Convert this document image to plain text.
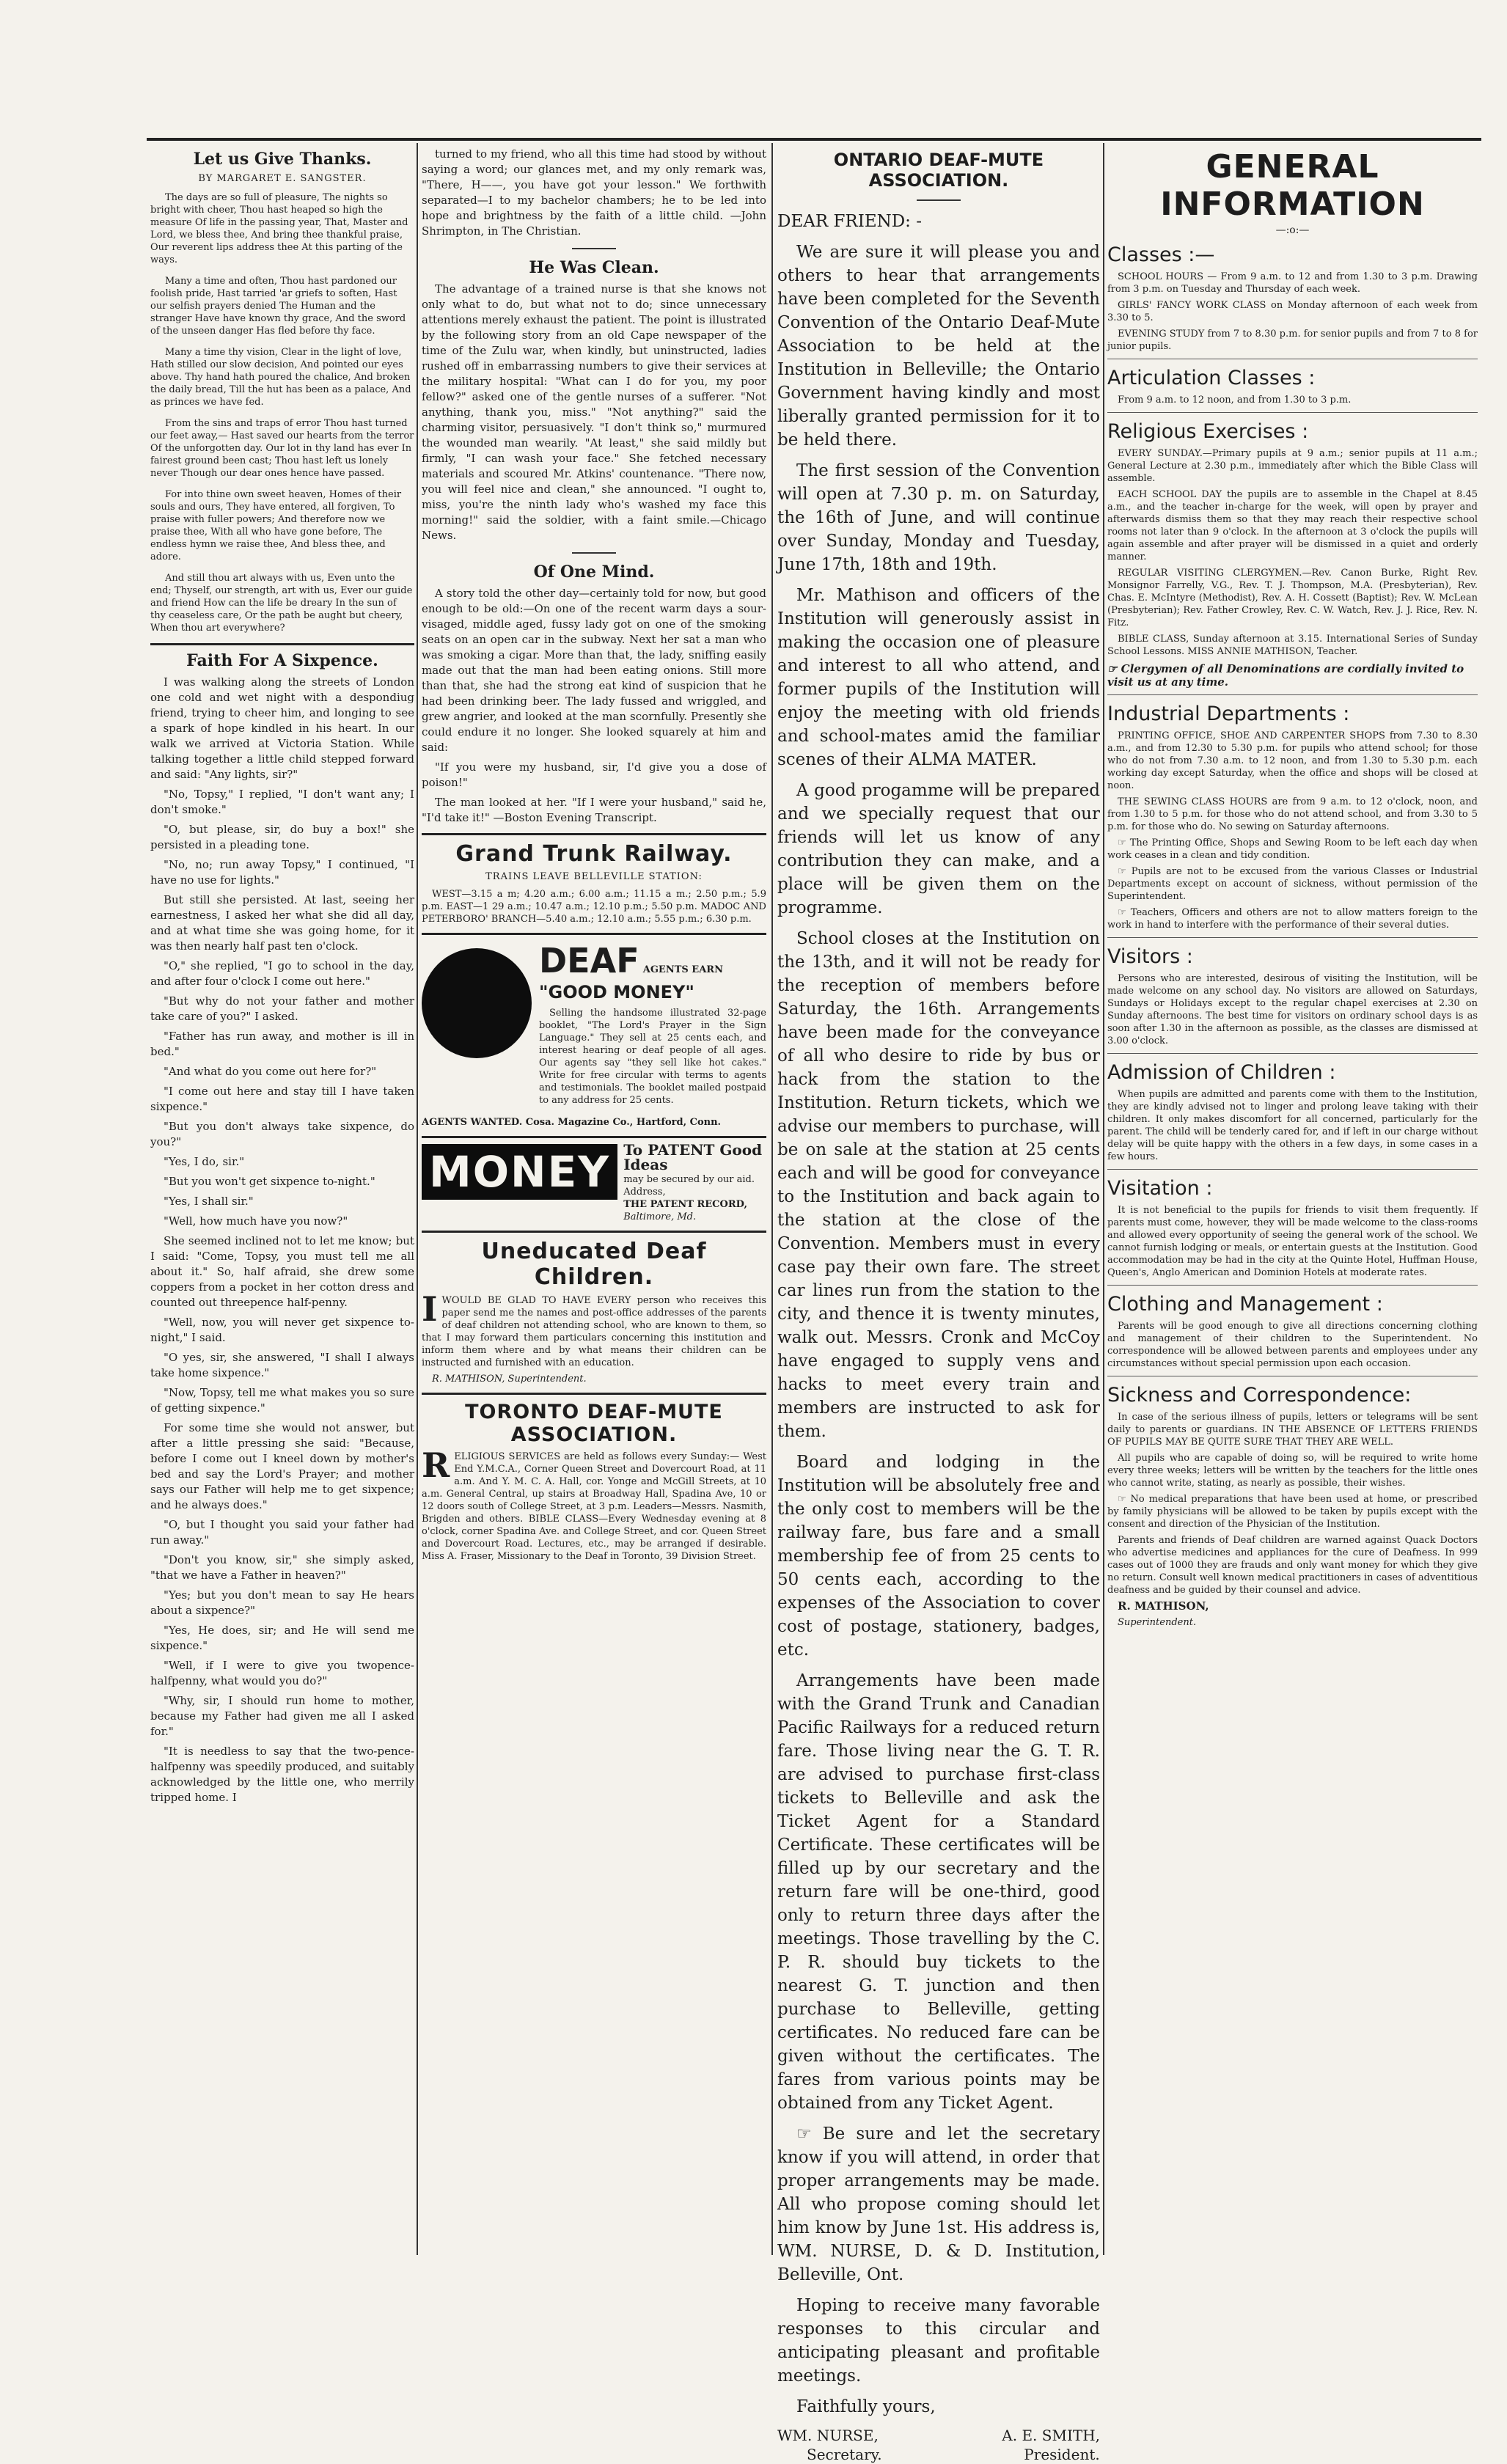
Let us Give Thanks.
BY MARGARET E. SANGSTER.

The days are so full of pleasure, The nights so bright with cheer, Thou hast heaped so high the measure Of life in the passing year, That, Master and Lord, we bless thee, And bring thee thankful praise, Our reverent lips address thee At this parting of the ways.

Many a time and often, Thou hast pardoned our foolish pride, Hast tarried 'ar griefs to soften, Hast our selfish prayers denied The Human and the stranger Have have known thy grace, And the sword of the unseen danger Has fled before thy face.

Many a time thy vision, Clear in the light of love, Hath stilled our slow decision, And pointed our eyes above. Thy hand hath poured the chalice, And broken the daily bread, Till the hut has been as a palace, And as princes we have fed.

From the sins and traps of error Thou hast turned our feet away,— Hast saved our hearts from the terror Of the unforgotten day. Our lot in thy land has ever In fairest ground been cast; Thou hast left us lonely never Though our dear ones hence have passed.

For into thine own sweet heaven, Homes of their souls and ours, They have entered, all forgiven, To praise with fuller powers; And therefore now we praise thee, With all who have gone before, The endless hymn we raise thee, And bless thee, and adore.

And still thou art always with us, Even unto the end; Thyself, our strength, art with us, Ever our guide and friend How can the life be dreary In the sun of thy ceaseless care, Or the path be aught but cheery, When thou art everywhere?

Faith For A Sixpence.

I was walking along the streets of London one cold and wet night with a despondiug friend, trying to cheer him, and longing to see a spark of hope kindled in his heart. In our walk we arrived at Victoria Station. While talking together a little child stepped forward and said: "Any lights, sir?"

"No, Topsy," I replied, "I don't want any; I don't smoke."

"O, but please, sir, do buy a box!" she persisted in a pleading tone.

"No, no; run away Topsy," I continued, "I have no use for lights."

But still she persisted. At last, seeing her earnestness, I asked her what she did all day, and at what time she was going home, for it was then nearly half past ten o'clock.

"O," she replied, "I go to school in the day, and after four o'clock I come out here."

"But why do not your father and mother take care of you?" I asked.

"Father has run away, and mother is ill in bed."

"And what do you come out here for?"

"I come out here and stay till I have taken sixpence."

"But you don't always take sixpence, do you?"

"Yes, I do, sir."

"But you won't get sixpence to-night."

"Yes, I shall sir."

"Well, how much have you now?"

She seemed inclined not to let me know; but I said: "Come, Topsy, you must tell me all about it." So, half afraid, she drew some coppers from a pocket in her cotton dress and counted out threepence half-penny.

"Well, now, you will never get sixpence to-night," I said.

"O yes, sir, she answered, "I shall I always take home sixpence."

"Now, Topsy, tell me what makes you so sure of getting sixpence."

For some time she would not answer, but after a little pressing she said: "Because, before I come out I kneel down by mother's bed and say the Lord's Prayer; and mother says our Father will help me to get sixpence; and he always does."

"O, but I thought you said your father had run away."

"Don't you know, sir," she simply asked, "that we have a Father in heaven?"

"Yes; but you don't mean to say He hears about a sixpence?"

"Yes, He does, sir; and He will send me sixpence."

"Well, if I were to give you twopence-halfpenny, what would you do?"

"Why, sir, I should run home to mother, because my Father had given me all I asked for."

"It is needless to say that the two-pence-halfpenny was speedily produced, and suitably acknowledged by the little one, who merrily tripped home. I

turned to my friend, who all this time had stood by without saying a word; our glances met, and my only remark was, "There, H——, you have got your lesson." We forthwith separated—I to my bachelor chambers; he to be led into hope and brightness by the faith of a little child. —John Shrimpton, in The Christian.

He Was Clean.

The advantage of a trained nurse is that she knows not only what to do, but what not to do; since unnecessary attentions merely exhaust the patient. The point is illustrated by the following story from an old Cape newspaper of the time of the Zulu war, when kindly, but uninstructed, ladies rushed off in embarrassing numbers to give their services at the military hospital: "What can I do for you, my poor fellow?" asked one of the gentle nurses of a sufferer. "Not anything, thank you, miss." "Not anything?" said the charming visitor, persuasively. "I don't think so," murmured the wounded man wearily. "At least," she said mildly but firmly, "I can wash your face." She fetched necessary materials and scoured Mr. Atkins' countenance. "There now, you will feel nice and clean," she announced. "I ought to, miss, you're the ninth lady who's washed my face this morning!" said the soldier, with a faint smile.—Chicago News.

Of One Mind.

A story told the other day—certainly told for now, but good enough to be old:—On one of the recent warm days a sour-visaged, middle aged, fussy lady got on one of the smoking seats on an open car in the subway. Next her sat a man who was smoking a cigar. More than that, the lady, sniffing easily made out that the man had been eating onions. Still more than that, she had the strong eat kind of suspicion that he had been drinking beer. The lady fussed and wriggled, and grew angrier, and looked at the man scornfully. Presently she could endure it no longer. She looked squarely at him and said:

"If you were my husband, sir, I'd give you a dose of poison!"

The man looked at her. "If I were your husband," said he, "I'd take it!" —Boston Evening Transcript.

Grand Trunk Railway.
TRAINS LEAVE BELLEVILLE STATION:

WEST—3.15 a m; 4.20 a.m.; 6.00 a.m.; 11.15 a m.; 2.50 p.m.; 5.9 p.m. EAST—1 29 a.m.; 10.47 a.m.; 12.10 p.m.; 5.50 p.m. MADOC AND PETERBORO' BRANCH—5.40 a.m.; 12.10 a.m.; 5.55 p.m.; 6.30 p.m.

DEAF AGENTS EARN
"GOOD MONEY"

Selling the handsome illustrated 32-page booklet, "The Lord's Prayer in the Sign Language." They sell at 25 cents each, and interest hearing or deaf people of all ages. Our agents say "they sell like hot cakes." Write for free circular with terms to agents and testimonials. The booklet mailed postpaid to any address for 25 cents.

AGENTS WANTED. Cosa. Magazine Co., Hartford, Conn.

MONEY To PATENT Good Ideas
may be secured by our aid. Address,
THE PATENT RECORD,
Baltimore, Md.
Uneducated Deaf Children.

IWOULD BE GLAD TO HAVE EVERY person who receives this paper send me the names and post-office addresses of the parents of deaf children not attending school, who are known to them, so that I may forward them particulars concerning this institution and inform them where and by what means their children can be instructed and furnished with an education.

R. MATHISON, Superintendent.

TORONTO DEAF-MUTE ASSOCIATION.

RELIGIOUS SERVICES are held as follows every Sunday:— West End Y.M.C.A., Corner Queen Street and Dovercourt Road, at 11 a.m. And Y. M. C. A. Hall, cor. Yonge and McGill Streets, at 10 a.m. General Central, up stairs at Broadway Hall, Spadina Ave, 10 or 12 doors south of College Street, at 3 p.m. Leaders—Messrs. Nasmith, Brigden and others. BIBLE CLASS—Every Wednesday evening at 8 o'clock, corner Spadina Ave. and College Street, and cor. Queen Street and Dovercourt Road. Lectures, etc., may be arranged if desirable. Miss A. Fraser, Missionary to the Deaf in Toronto, 39 Division Street.

ONTARIO DEAF-MUTE ASSOCIATION.

DEAR FRIEND: -

We are sure it will please you and others to hear that arrangements have been completed for the Seventh Convention of the Ontario Deaf-Mute Association to be held at the Institution in Belleville; the Ontario Government having kindly and most liberally granted permission for it to be held there.

The first session of the Convention will open at 7.30 p. m. on Saturday, the 16th of June, and will continue over Sunday, Monday and Tuesday, June 17th, 18th and 19th.

Mr. Mathison and officers of the Institution will generously assist in making the occasion one of pleasure and interest to all who attend, and former pupils of the Institution will enjoy the meeting with old friends and school-mates amid the familiar scenes of their ALMA MATER.

A good progamme will be prepared and we specially request that our friends will let us know of any contribution they can make, and a place will be given them on the programme.

School closes at the Institution on the 13th, and it will not be ready for the reception of members before Saturday, the 16th. Arrangements have been made for the conveyance of all who desire to ride by bus or hack from the station to the Institution. Return tickets, which we advise our members to purchase, will be on sale at the station at 25 cents each and will be good for conveyance to the Institution and back again to the station at the close of the Convention. Members must in every case pay their own fare. The street car lines run from the station to the city, and thence it is twenty minutes, walk out. Messrs. Cronk and McCoy have engaged to supply vens and hacks to meet every train and members are instructed to ask for them.

Board and lodging in the Institution will be absolutely free and the only cost to members will be the railway fare, bus fare and a small membership fee of from 25 cents to 50 cents each, according to the expenses of the Association to cover cost of postage, stationery, badges, etc.

Arrangements have been made with the Grand Trunk and Canadian Pacific Railways for a reduced return fare. Those living near the G. T. R. are advised to purchase first-class tickets to Belleville and ask the Ticket Agent for a Standard Certificate. These certificates will be filled up by our secretary and the return fare will be one-third, good only to return three days after the meetings. Those travelling by the C. P. R. should buy tickets to the nearest G. T. junction and then purchase to Belleville, getting certificates. No reduced fare can be given without the certificates. The fares from various points may be obtained from any Ticket Agent.

☞ Be sure and let the secretary know if you will attend, in order that proper arrangements may be made. All who propose coming should let him know by June 1st. His address is, WM. NURSE, D. & D. Institution, Belleville, Ont.

Hoping to receive many favorable responses to this circular and anticipating pleasant and profitable meetings.

Faithfully yours,

WM. NURSE,
Secretary.
A. E. SMITH,
President.
GENERAL INFORMATION
—:o:—
Classes :—

SCHOOL HOURS — From 9 a.m. to 12 and from 1.30 to 3 p.m. Drawing from 3 p.m. on Tuesday and Thursday of each week.

GIRLS' FANCY WORK CLASS on Monday afternoon of each week from 3.30 to 5.

EVENING STUDY from 7 to 8.30 p.m. for senior pupils and from 7 to 8 for junior pupils.

Articulation Classes :

From 9 a.m. to 12 noon, and from 1.30 to 3 p.m.

Religious Exercises :

EVERY SUNDAY.—Primary pupils at 9 a.m.; senior pupils at 11 a.m.; General Lecture at 2.30 p.m., immediately after which the Bible Class will assemble.

EACH SCHOOL DAY the pupils are to assemble in the Chapel at 8.45 a.m., and the teacher in-charge for the week, will open by prayer and afterwards dismiss them so that they may reach their respective school rooms not later than 9 o'clock. In the afternoon at 3 o'clock the pupils will again assemble and after prayer will be dismissed in a quiet and orderly manner.

REGULAR VISITING CLERGYMEN.—Rev. Canon Burke, Right Rev. Monsignor Farrelly, V.G., Rev. T. J. Thompson, M.A. (Presbyterian), Rev. Chas. E. McIntyre (Methodist), Rev. A. H. Cossett (Baptist); Rev. W. McLean (Presbyterian); Rev. Father Crowley, Rev. C. W. Watch, Rev. J. J. Rice, Rev. N. Fitz.

BIBLE CLASS, Sunday afternoon at 3.15. International Series of Sunday School Lessons. MISS ANNIE MATHISON, Teacher.

☞ Clergymen of all Denominations are cordially invited to visit us at any time.
Industrial Departments :

PRINTING OFFICE, SHOE AND CARPENTER SHOPS from 7.30 to 8.30 a.m., and from 12.30 to 5.30 p.m. for pupils who attend school; for those who do not from 7.30 a.m. to 12 noon, and from 1.30 to 5.30 p.m. each working day except Saturday, when the office and shops will be closed at noon.

THE SEWING CLASS HOURS are from 9 a.m. to 12 o'clock, noon, and from 1.30 to 5 p.m. for those who do not attend school, and from 3.30 to 5 p.m. for those who do. No sewing on Saturday afternoons.

☞ The Printing Office, Shops and Sewing Room to be left each day when work ceases in a clean and tidy condition.

☞ Pupils are not to be excused from the various Classes or Industrial Departments except on account of sickness, without permission of the Superintendent.

☞ Teachers, Officers and others are not to allow matters foreign to the work in hand to interfere with the performance of their several duties.

Visitors :

Persons who are interested, desirous of visiting the Institution, will be made welcome on any school day. No visitors are allowed on Saturdays, Sundays or Holidays except to the regular chapel exercises at 2.30 on Sunday afternoons. The best time for visitors on ordinary school days is as soon after 1.30 in the afternoon as possible, as the classes are dismissed at 3.00 o'clock.

Admission of Children :

When pupils are admitted and parents come with them to the Institution, they are kindly advised not to linger and prolong leave taking with their children. It only makes discomfort for all concerned, particularly for the parent. The child will be tenderly cared for, and if left in our charge without delay will be quite happy with the others in a few days, in some cases in a few hours.

Visitation :

It is not beneficial to the pupils for friends to visit them frequently. If parents must come, however, they will be made welcome to the class-rooms and allowed every opportunity of seeing the general work of the school. We cannot furnish lodging or meals, or entertain guests at the Institution. Good accommodation may be had in the city at the Quinte Hotel, Huffman House, Queen's, Anglo American and Dominion Hotels at moderate rates.

Clothing and Management :

Parents will be good enough to give all directions concerning clothing and management of their children to the Superintendent. No correspondence will be allowed between parents and employees under any circumstances without special permission upon each occasion.

Sickness and Correspondence:

In case of the serious illness of pupils, letters or telegrams will be sent daily to parents or guardians. IN THE ABSENCE OF LETTERS FRIENDS OF PUPILS MAY BE QUITE SURE THAT THEY ARE WELL.

All pupils who are capable of doing so, will be required to write home every three weeks; letters will be written by the teachers for the little ones who cannot write, stating, as nearly as possible, their wishes.

☞ No medical preparations that have been used at home, or prescribed by family physicians will be allowed to be taken by pupils except with the consent and direction of the Physician of the Institution.

Parents and friends of Deaf children are warned against Quack Doctors who advertise medicines and appliances for the cure of Deafness. In 999 cases out of 1000 they are frauds and only want money for which they give no return. Consult well known medical practitioners in cases of adventitious deafness and be guided by their counsel and advice.

R. MATHISON,

Superintendent.
